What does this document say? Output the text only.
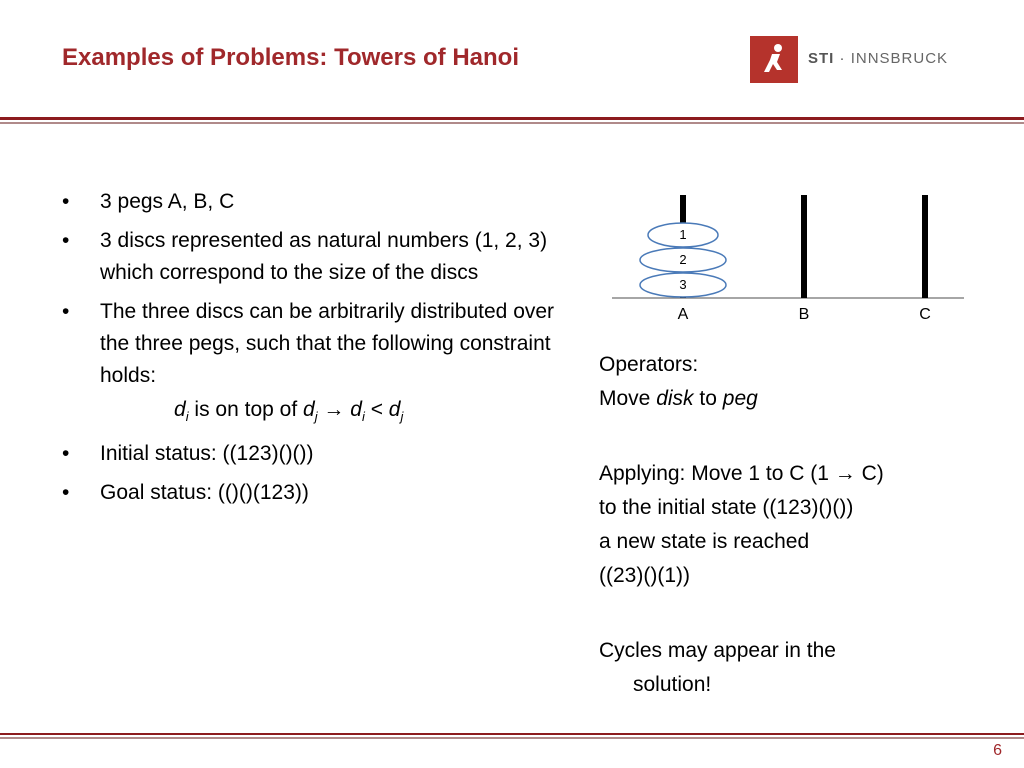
Examples of Problems: Towers of Hanoi	STI · INNSBRUCK
• 3 pegs A, B, C
• 3 discs represented as natural numbers (1, 2, 3) which correspond to the size of the discs
• The three discs can be arbitrarily distributed over the three pegs, such that the following constraint holds:
$d_i$ is on top of $d_j \to d_i < d_j$
• Initial status: ((123)()())
• Goal status: (()()(123))
1
2
3
A	B	C
Operators:
Move disk to peg
Applying: Move 1 to C (1 → C)
to the initial state ((123)()())
a new state is reached
((23)()(1))
Cycles may appear in the
solution!
6
